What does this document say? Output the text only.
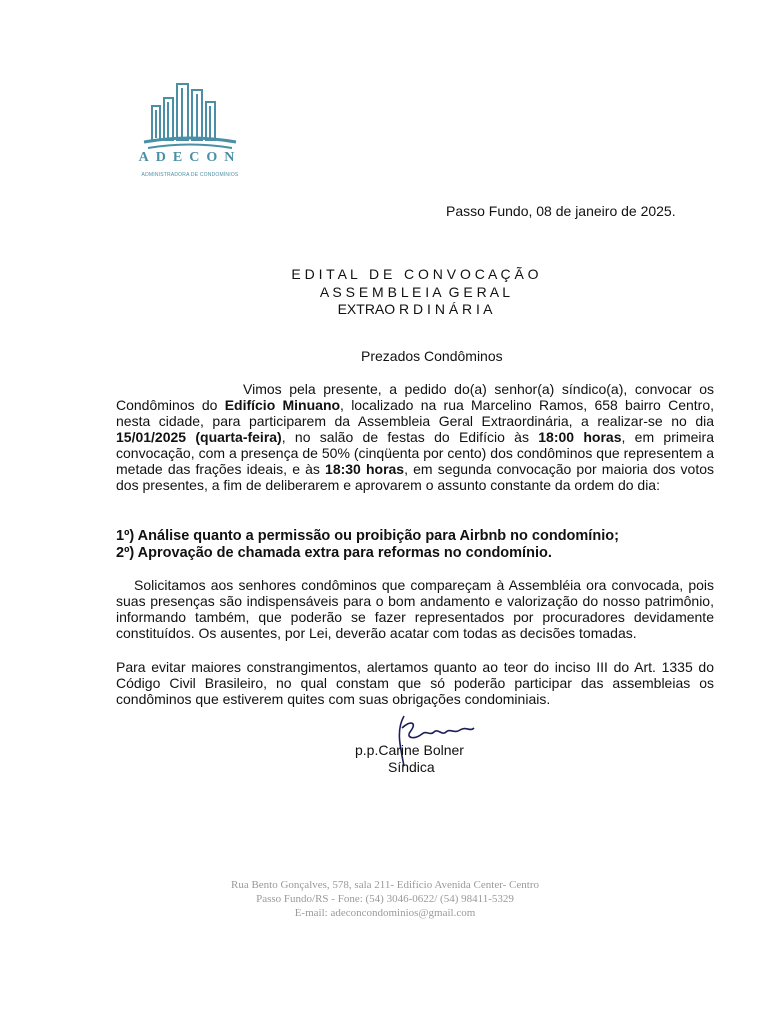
ADECON
ADMINISTRADORA DE CONDOMÍNIOS
Passo Fundo, 08 de janeiro de 2025.
E D I T A L   D E   C O N V O C A Ç Ã O
A S S E M B L E I A  G E R A L
EXTRAO R D I N Á R I A
Prezados Condôminos
Vimos pela presente, a pedido do(a) senhor(a) síndico(a), convocar os Condôminos do Edifício Minuano, localizado na rua Marcelino Ramos, 658 bairro Centro, nesta cidade, para participarem da Assembleia Geral Extraordinária, a realizar-se no dia 15/01/2025 (quarta-feira), no salão de festas do Edifício às 18:00 horas, em primeira convocação, com a presença de 50% (cinqüenta por cento) dos condôminos que representem a metade das frações ideais, e às 18:30 horas, em segunda convocação por maioria dos votos dos presentes, a fim de deliberarem e aprovarem o assunto constante da ordem do dia:
1º) Análise quanto a permissão ou proibição para Airbnb no condomínio;
2º) Aprovação de chamada extra para reformas no condomínio.
Solicitamos aos senhores condôminos que compareçam à Assembléia ora convocada, pois suas presenças são indispensáveis para o bom andamento e valorização do nosso patrimônio, informando também, que poderão se fazer representados por procuradores devidamente constituídos. Os ausentes, por Lei, deverão acatar com todas as decisões tomadas.
Para evitar maiores constrangimentos, alertamos quanto ao teor do inciso III do Art. 1335 do Código Civil Brasileiro, no qual constam que só poderão participar das assembleias os condôminos que estiverem quites com suas obrigações condominiais.
p.p.Carine Bolner
Síndica
Rua Bento Gonçalves, 578, sala 211- Edifício Avenida Center- Centro
Passo Fundo/RS - Fone: (54) 3046-0622/ (54) 98411-5329
E-mail: adeconcondominios@gmail.com
